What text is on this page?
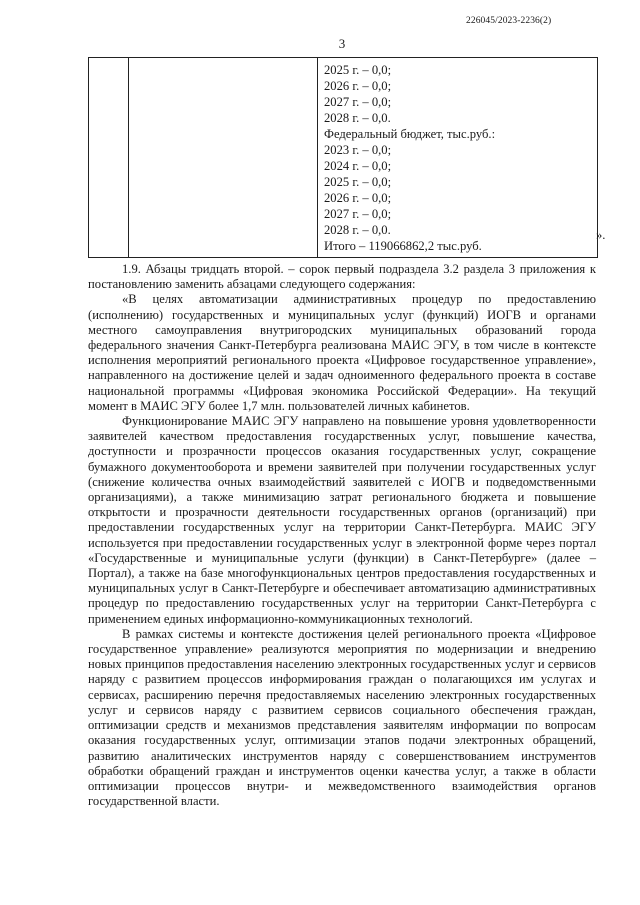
226045/2023-2236(2)
3

2025 г. – 0,0;
2026 г. – 0,0;
2027 г. – 0,0;
2028 г. – 0,0.
Федеральный бюджет, тыс.руб.:
2023 г. – 0,0;
2024 г. – 0,0;
2025 г. – 0,0;
2026 г. – 0,0;
2027 г. – 0,0;
2028 г. – 0,0.
Итого – 119066862,2 тыс.руб.
».

1.9. Абзацы тридцать второй. – сорок первый подраздела 3.2 раздела 3 приложения к постановлению заменить абзацами следующего содержания:

«В целях автоматизации административных процедур по предоставлению (исполнению) государственных и муниципальных услуг (функций) ИОГВ и органами местного самоуправления внутригородских муниципальных образований города федерального значения Санкт-Петербурга реализована МАИС ЭГУ, в том числе в контексте исполнения мероприятий регионального проекта «Цифровое государственное управление», направленного на достижение целей и задач одноименного федерального проекта в составе национальной программы «Цифровая экономика Российской Федерации». На текущий момент в МАИС ЭГУ более 1,7 млн. пользователей личных кабинетов.

Функционирование МАИС ЭГУ направлено на повышение уровня удовлетворенности заявителей качеством предоставления государственных услуг, повышение качества, доступности и прозрачности процессов оказания государственных услуг, сокращение бумажного документооборота и времени заявителей при получении государственных услуг (снижение количества очных взаимодействий заявителей с ИОГВ и подведомственными организациями), а также минимизацию затрат регионального бюджета и повышение открытости и прозрачности деятельности государственных органов (организаций) при предоставлении государственных услуг на территории Санкт-Петербурга. МАИС ЭГУ используется при предоставлении государственных услуг в электронной форме через портал «Государственные и муниципальные услуги (функции) в Санкт-Петербурге» (далее – Портал), а также на базе многофункциональных центров предоставления государственных и муниципальных услуг в Санкт-Петербурге и обеспечивает автоматизацию административных процедур по предоставлению государственных услуг на территории Санкт-Петербурга с применением единых информационно-коммуникационных технологий.

В рамках системы и контексте достижения целей регионального проекта «Цифровое государственное управление» реализуются мероприятия по модернизации и внедрению новых принципов предоставления населению электронных государственных услуг и сервисов наряду с развитием процессов информирования граждан о полагающихся им услугах и сервисах, расширению перечня предоставляемых населению электронных государственных услуг и сервисов наряду с развитием сервисов социального обеспечения граждан, оптимизации средств и механизмов представления заявителям информации по вопросам оказания государственных услуг, оптимизации этапов подачи электронных обращений, развитию аналитических инструментов наряду с совершенствованием инструментов обработки обращений граждан и инструментов оценки качества услуг, а также в области оптимизации процессов внутри- и межведомственного взаимодействия органов государственной власти.
